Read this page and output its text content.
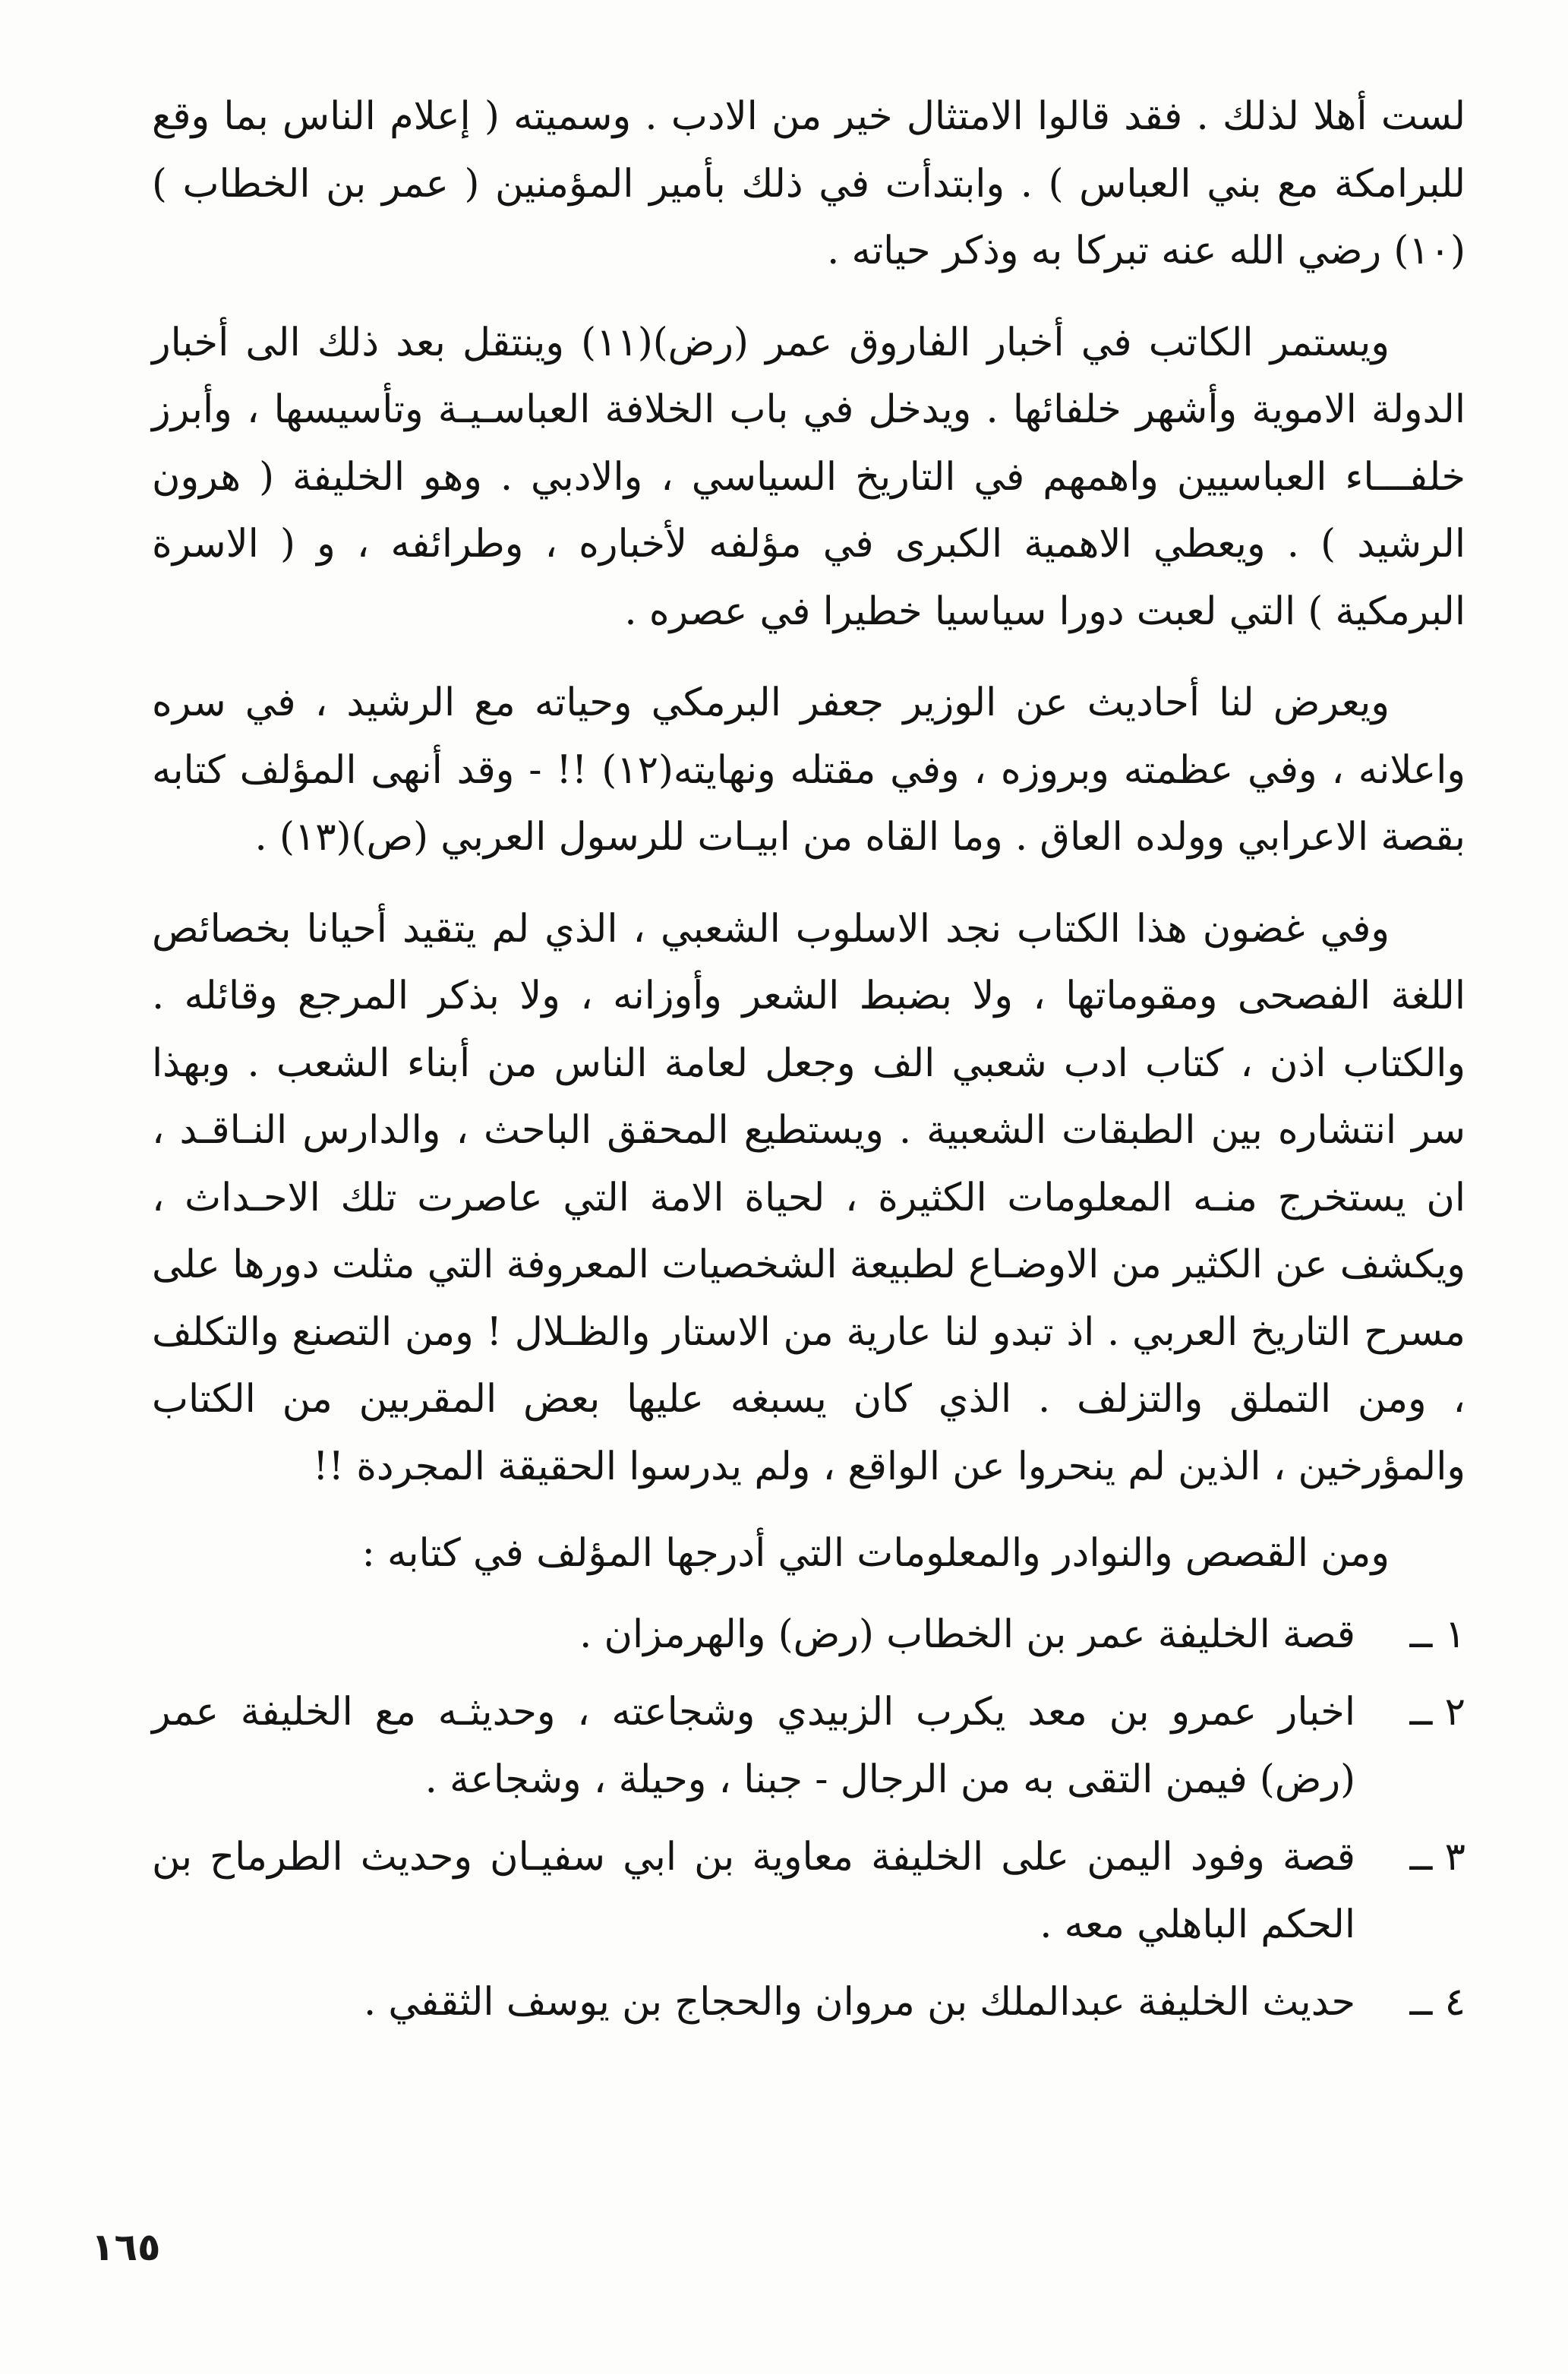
لست أهلا لذلك . فقد قالوا الامتثال خير من الادب . وسميته ( إعلام الناس بما وقع للبرامكة مع بني العباس ) . وابتدأت في ذلك بأمير المؤمنين ( عمر بن الخطاب )(١٠) رضي الله عنه تبركا به وذكر حياته .

ويستمر الكاتب في أخبار الفاروق عمر (رض)(١١) وينتقل بعد ذلك الى أخبار الدولة الاموية وأشهر خلفائها . ويدخل في باب الخلافة العباسـيـة وتأسيسها ، وأبرز خلفـــاء العباسيين واهمهم في التاريخ السياسي ، والادبي . وهو الخليفة ( هرون الرشيد ) . ويعطي الاهمية الكبرى في مؤلفه لأخباره ، وطرائفه ، و ( الاسرة البرمكية ) التي لعبت دورا سياسيا خطيرا في عصره .

ويعرض لنا أحاديث عن الوزير جعفر البرمكي وحياته مع الرشيد ، في سره واعلانه ، وفي عظمته وبروزه ، وفي مقتله ونهايته(١٢) !! - وقد أنهى المؤلف كتابه بقصة الاعرابي وولده العاق . وما القاه من ابيـات للرسول العربي (ص)(١٣) .

وفي غضون هذا الكتاب نجد الاسلوب الشعبي ، الذي لم يتقيد أحيانا بخصائص اللغة الفصحى ومقوماتها ، ولا بضبط الشعر وأوزانه ، ولا بذكر المرجع وقائله . والكتاب اذن ، كتاب ادب شعبي الف وجعل لعامة الناس من أبناء الشعب . وبهذا سر انتشاره بين الطبقات الشعبية . ويستطيع المحقق الباحث ، والدارس النـاقـد ، ان يستخرج منـه المعلومات الكثيرة ، لحياة الامة التي عاصرت تلك الاحـداث ، ويكشف عن الكثير من الاوضـاع لطبيعة الشخصيات المعروفة التي مثلت دورها على مسرح التاريخ العربي . اذ تبدو لنا عارية من الاستار والظـلال ! ومن التصنع والتكلف ، ومن التملق والتزلف . الذي كان يسبغه عليها بعض المقربين من الكتاب والمؤرخين ، الذين لم ينحروا عن الواقع ، ولم يدرسوا الحقيقة المجردة !!

ومن القصص والنوادر والمعلومات التي أدرجها المؤلف في كتابه :

١ ــ
قصة الخليفة عمر بن الخطاب (رض) والهرمزان .
٢ ــ
اخبار عمرو بن معد يكرب الزبيدي وشجاعته ، وحديثـه مع الخليفة عمر (رض) فيمن التقى به من الرجال - جبنا ، وحيلة ، وشجاعة .
٣ ــ
قصة وفود اليمن على الخليفة معاوية بن ابي سفيـان وحديث الطرماح بن الحكم الباهلي معه .
٤ ــ
حديث الخليفة عبدالملك بن مروان والحجاج بن يوسف الثقفي .
١٦٥
